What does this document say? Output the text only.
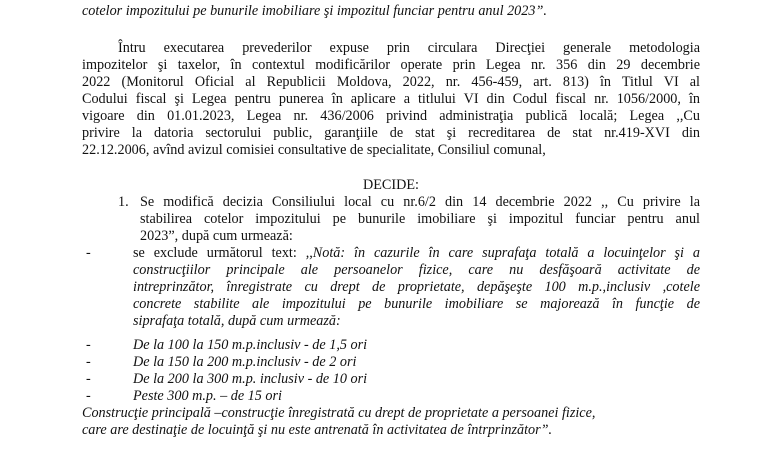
cotelor impozitului pe bunurile imobiliare şi impozitul funciar pentru anul 2023”.
Întru executarea prevederilor expuse prin circulara Direcţiei generale metodologia
impozitelor şi taxelor, în contextul modificărilor operate prin Legea nr. 356 din 29 decembrie
2022 (Monitorul Oficial al Republicii Moldova, 2022, nr. 456-459, art. 813) în Titlul VI al
Codului fiscal şi Legea pentru punerea în aplicare a titlului VI din Codul fiscal nr. 1056/2000, în
vigoare din 01.01.2023, Legea nr. 436/2006 privind administraţia publică locală; Legea ,,Cu
privire la datoria sectorului public, garanţiile de stat şi recreditarea de stat nr.419-XVI din
22.12.2006, avînd avizul comisiei consultative de specialitate, Consiliul comunal,
DECIDE:
1. Se modifică decizia Consiliului local cu nr.6/2 din 14 decembrie 2022 ,, Cu privire la
stabilirea cotelor impozitului pe bunurile imobiliare şi impozitul funciar pentru anul
2023”, după cum urmează:
-	se exclude următorul text: ,,Notă: în cazurile în care suprafaţa totală a locuinţelor şi a
construcţiilor principale ale persoanelor fizice, care nu desfăşoară activitate de
intreprinzător, înregistrate cu drept de proprietate, depăşeşte 100 m.p.,inclusiv ,cotele
concrete stabilite ale impozitului pe bunurile imobiliare se majorează în funcţie de
siprafaţa totală, după cum urmează:
-	De la 100 la 150 m.p.inclusiv - de 1,5 ori
-	De la 150 la 200 m.p.inclusiv - de 2 ori
-	De la 200 la 300 m.p. inclusiv - de 10 ori
-	Peste 300 m.p. – de 15 ori
Construcţie principală –construcţie înregistrată cu drept de proprietate a persoanei fizice,
care are destinaţie de locuinţă şi nu este antrenată în activitatea de întrprinzător”.
